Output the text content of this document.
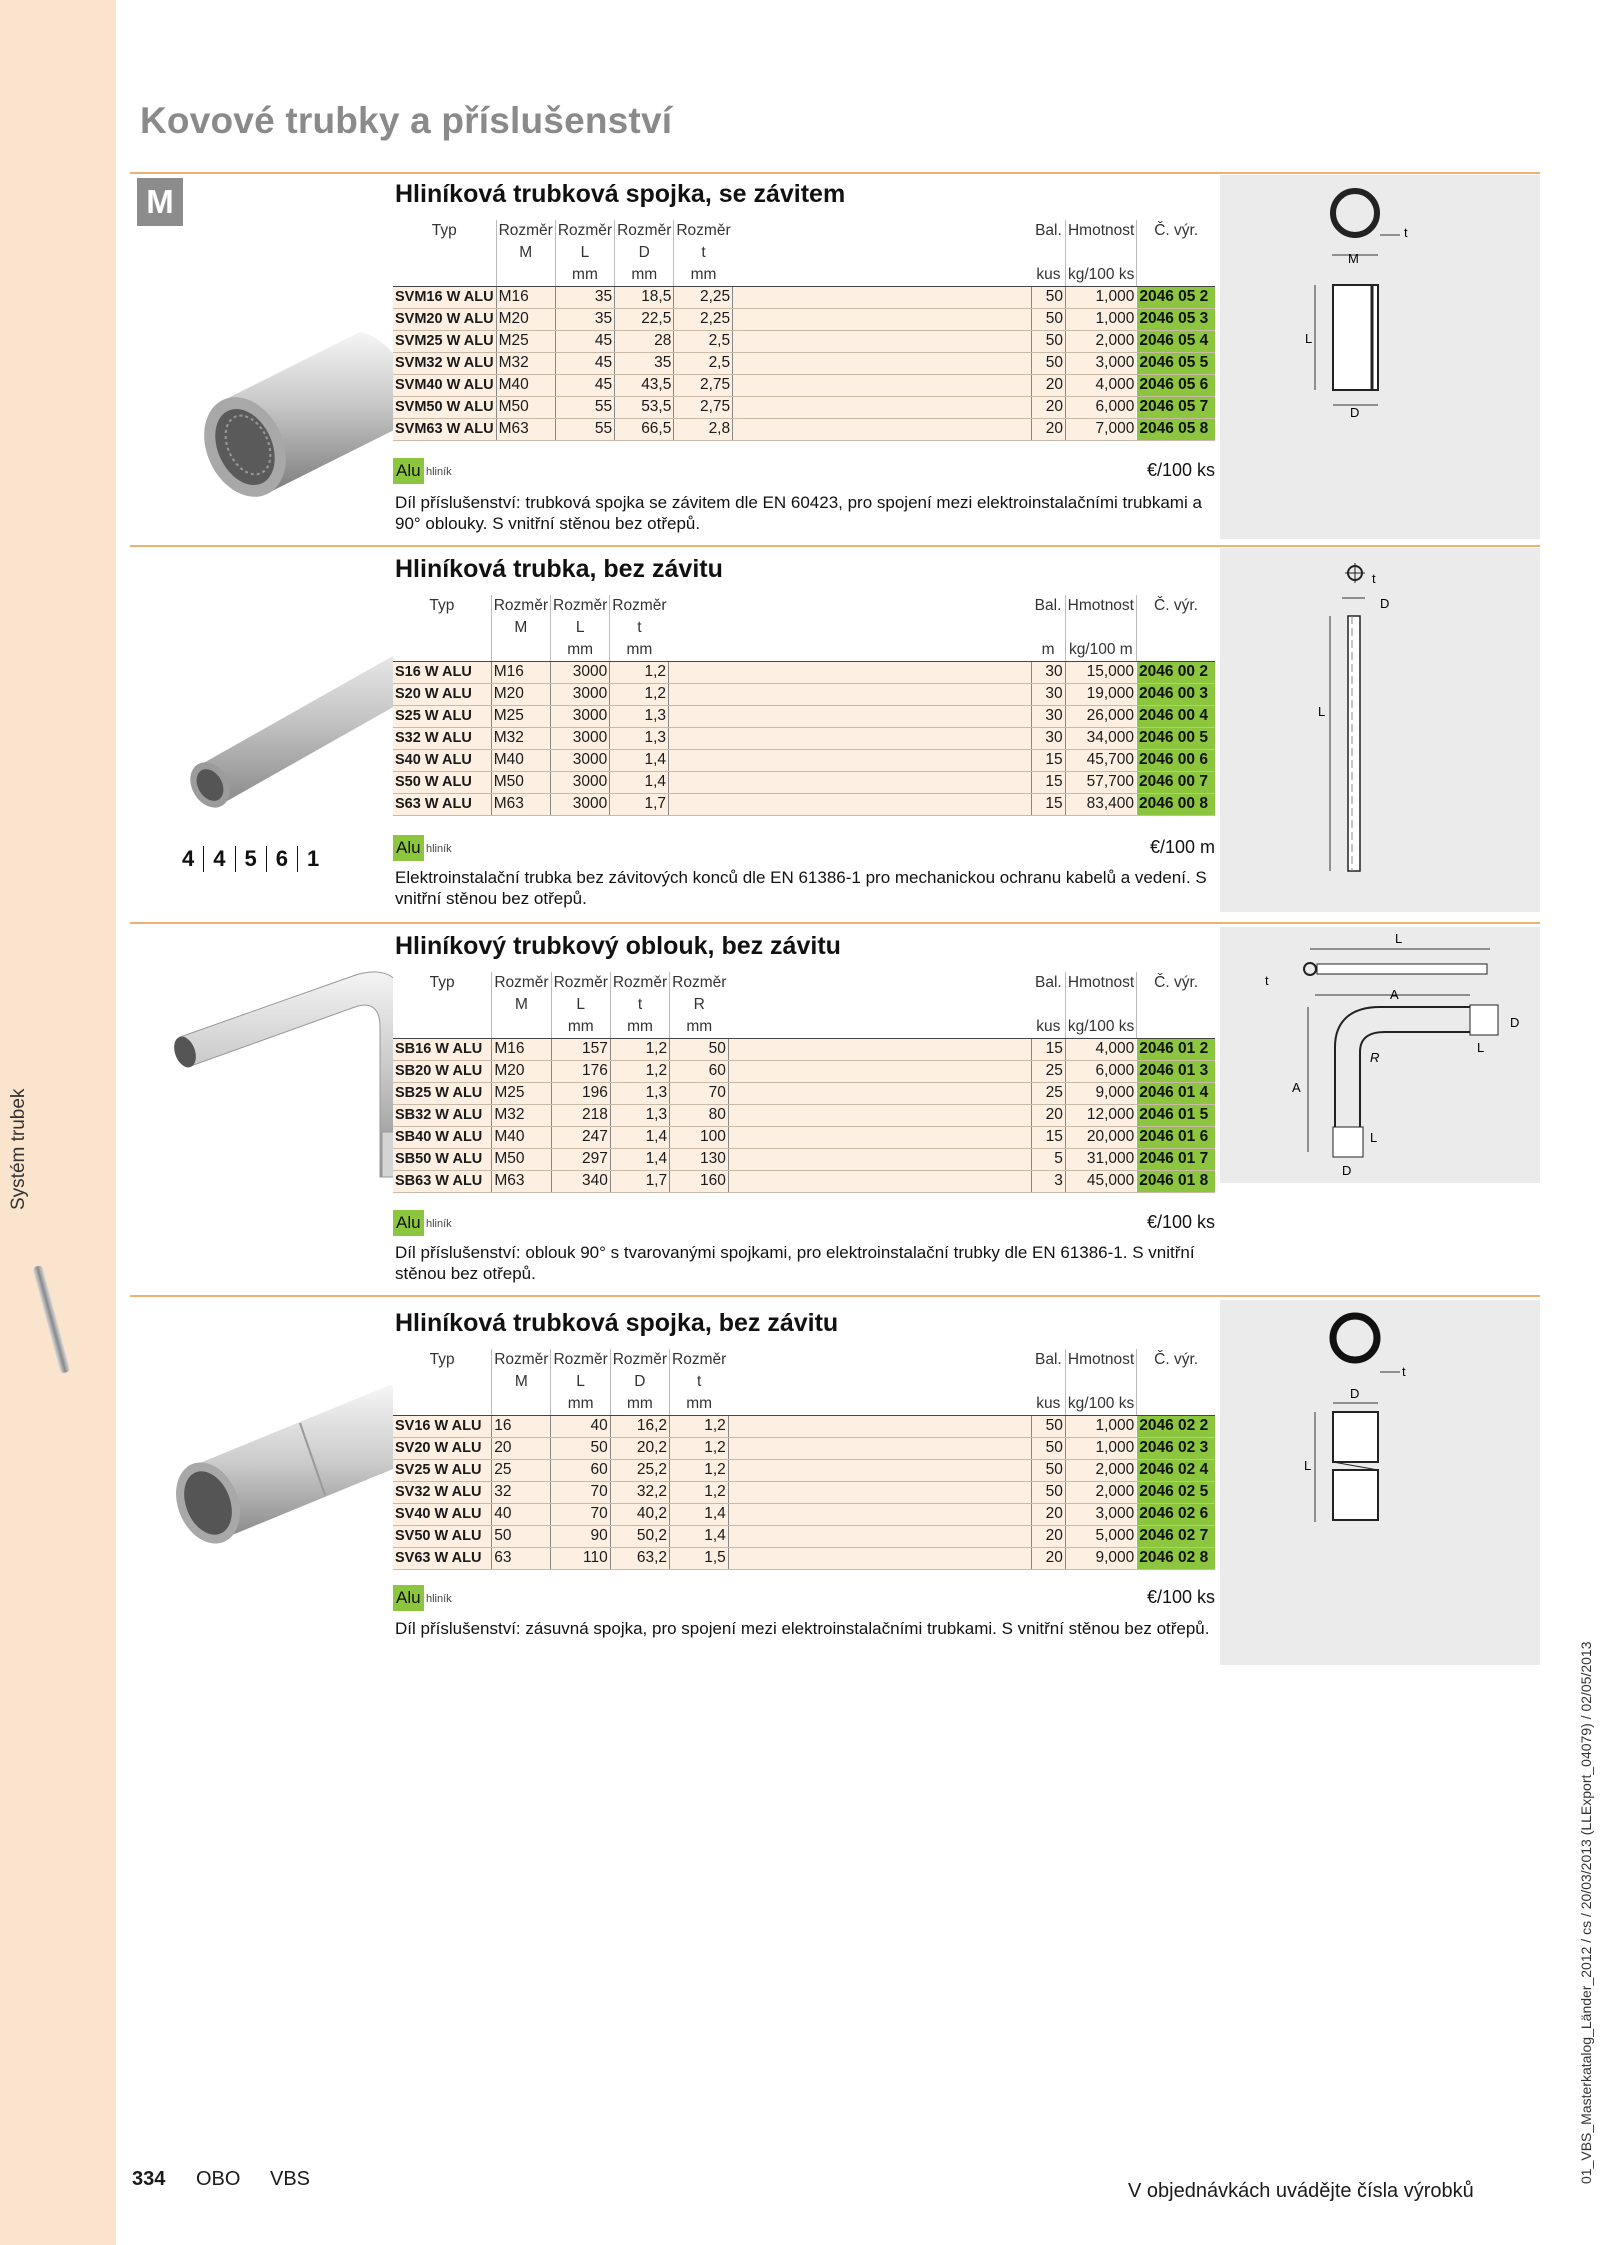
Systém trubek
Kovové trubky a příslušenství
M	Hliníková trubková spojka, se závitem
Typ	Rozměr	Rozměr	Rozměr	Rozměr		Bal.	Hmotnost	Č. výr.
	M	L	D	t				
		mm	mm	mm		kus	kg/100 ks	
SVM16 W ALU	M16	35	18,5	2,25		50	1,000	2046 05 2
SVM20 W ALU	M20	35	22,5	2,25		50	1,000	2046 05 3
SVM25 W ALU	M25	45	28	2,5		50	2,000	2046 05 4
SVM32 W ALU	M32	45	35	2,5		50	3,000	2046 05 5
SVM40 W ALU	M40	45	43,5	2,75		20	4,000	2046 05 6
SVM50 W ALU	M50	55	53,5	2,75		20	6,000	2046 05 7
SVM63 W ALU	M63	55	66,5	2,8		20	7,000	2046 05 8
Alu hliník	€/100 ks
Díl příslušenství: trubková spojka se závitem dle EN 60423, pro spojení mezi elektroinstalačními trubkami a 90° oblouky. S vnitřní stěnou bez otřepů.
M
t
L
D
Hliníková trubka, bez závitu
Typ	Rozměr	Rozměr	Rozměr		Bal.	Hmotnost	Č. výr.
	M	L	t				
		mm	mm		m	kg/100 m	
S16 W ALU	M16	3000	1,2		30	15,000	2046 00 2
S20 W ALU	M20	3000	1,2		30	19,000	2046 00 3
S25 W ALU	M25	3000	1,3		30	26,000	2046 00 4
S32 W ALU	M32	3000	1,3		30	34,000	2046 00 5
S40 W ALU	M40	3000	1,4		15	45,700	2046 00 6
S50 W ALU	M50	3000	1,4		15	57,700	2046 00 7
S63 W ALU	M63	3000	1,7		15	83,400	2046 00 8
Alu hliník	€/100 m
Elektroinstalační trubka bez závitových konců dle EN 61386-1 pro mechanickou ochranu kabelů a vedení. S vnitřní stěnou bez otřepů.
t
D
L
4 4 5 6 1
Hliníkový trubkový oblouk, bez závitu
Typ	Rozměr	Rozměr	Rozměr	Rozměr		Bal.	Hmotnost	Č. výr.
	M	L	t	R				
		mm	mm	mm		kus	kg/100 ks	
SB16 W ALU	M16	157	1,2	50		15	4,000	2046 01 2
SB20 W ALU	M20	176	1,2	60		25	6,000	2046 01 3
SB25 W ALU	M25	196	1,3	70		25	9,000	2046 01 4
SB32 W ALU	M32	218	1,3	80		20	12,000	2046 01 5
SB40 W ALU	M40	247	1,4	100		15	20,000	2046 01 6
SB50 W ALU	M50	297	1,4	130		5	31,000	2046 01 7
SB63 W ALU	M63	340	1,7	160		3	45,000	2046 01 8
Alu hliník	€/100 ks
Díl příslušenství: oblouk 90° s tvarovanými spojkami, pro elektroinstalační trubky dle EN 61386-1. S vnitřní stěnou bez otřepů.
L
t
A
D
R
L
A
L
D
Hliníková trubková spojka, bez závitu
Typ	Rozměr	Rozměr	Rozměr	Rozměr		Bal.	Hmotnost	Č. výr.
	M	L	D	t				
		mm	mm	mm		kus	kg/100 ks	
SV16 W ALU	16	40	16,2	1,2		50	1,000	2046 02 2
SV20 W ALU	20	50	20,2	1,2		50	1,000	2046 02 3
SV25 W ALU	25	60	25,2	1,2		50	2,000	2046 02 4
SV32 W ALU	32	70	32,2	1,2		50	2,000	2046 02 5
SV40 W ALU	40	70	40,2	1,4		20	3,000	2046 02 6
SV50 W ALU	50	90	50,2	1,4		20	5,000	2046 02 7
SV63 W ALU	63	110	63,2	1,5		20	9,000	2046 02 8
Alu hliník	€/100 ks
Díl příslušenství: zásuvná spojka, pro spojení mezi elektroinstalačními trubkami. S vnitřní stěnou bez otřepů.
t
D
L
334 OBO VBS
V objednávkách uvádějte čísla výrobků
01_VBS_Masterkatalog_Länder_2012 / cs / 20/03/2013 (LLExport_04079) / 02/05/2013
